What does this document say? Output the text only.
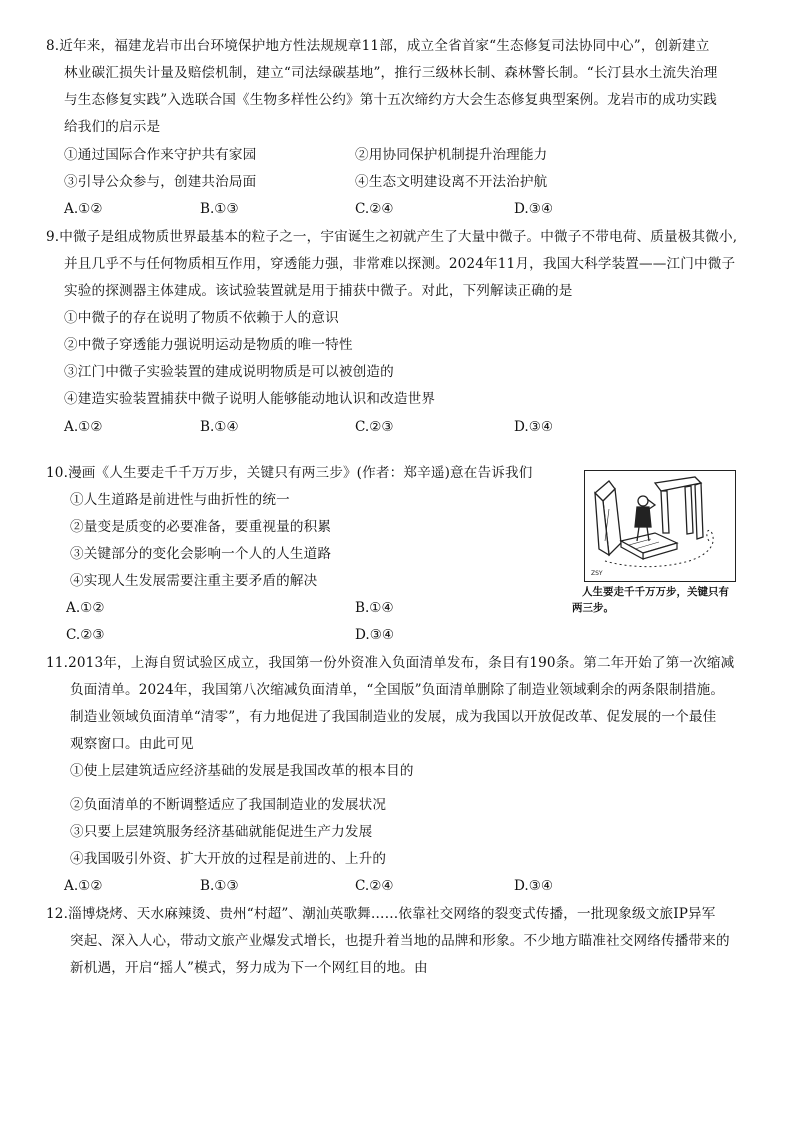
8.近年来，福建龙岩市出台环境保护地方性法规规章11部，成立全省首家“生态修复司法协同中心”，创新建立
林业碳汇损失计量及赔偿机制，建立“司法绿碳基地”，推行三级林长制、森林警长制。“长汀县水土流失治理
与生态修复实践”入选联合国《生物多样性公约》第十五次缔约方大会生态修复典型案例。龙岩市的成功实践
给我们的启示是
①通过国际合作来守护共有家园	②用协同保护机制提升治理能力
③引导公众参与，创建共治局面	④生态文明建设离不开法治护航
A.①②	B.①③	C.②④	D.③④
9.中微子是组成物质世界最基本的粒子之一，宇宙诞生之初就产生了大量中微子。中微子不带电荷、质量极其微小,
并且几乎不与任何物质相互作用，穿透能力强，非常难以探测。2024年11月，我国大科学装置——江门中微子
实验的探测器主体建成。该试验装置就是用于捕获中微子。对此，下列解读正确的是
①中微子的存在说明了物质不依赖于人的意识
②中微子穿透能力强说明运动是物质的唯一特性
③江门中微子实验装置的建成说明物质是可以被创造的
④建造实验装置捕获中微子说明人能够能动地认识和改造世界
A.①②	B.①④	C.②③	D.③④
10.漫画《人生要走千千万万步，关键只有两三步》(作者：郑辛遥)意在告诉我们
①人生道路是前进性与曲折性的统一
②量变是质变的必要准备，要重视量的积累
③关键部分的变化会影响一个人的人生道路
④实现人生发展需要注重主要矛盾的解决
A.①②	B.①④
C.②③	D.③④
ZSY
人生要走千千万万步，关键只有
两三步。
11.2013年，上海自贸试验区成立，我国第一份外资准入负面清单发布，条目有190条。第二年开始了第一次缩减
负面清单。2024年，我国第八次缩减负面清单，“全国版”负面清单删除了制造业领域剩余的两条限制措施。
制造业领域负面清单“清零”，有力地促进了我国制造业的发展，成为我国以开放促改革、促发展的一个最佳
观察窗口。由此可见
①使上层建筑适应经济基础的发展是我国改革的根本目的
②负面清单的不断调整适应了我国制造业的发展状况
③只要上层建筑服务经济基础就能促进生产力发展
④我国吸引外资、扩大开放的过程是前进的、上升的
A.①②	B.①③	C.②④	D.③④
12.淄博烧烤、天水麻辣烫、贵州“村超”、潮汕英歌舞……依靠社交网络的裂变式传播，一批现象级文旅IP异军
突起、深入人心，带动文旅产业爆发式增长，也提升着当地的品牌和形象。不少地方瞄准社交网络传播带来的
新机遇，开启“摇人”模式，努力成为下一个网红目的地。由
